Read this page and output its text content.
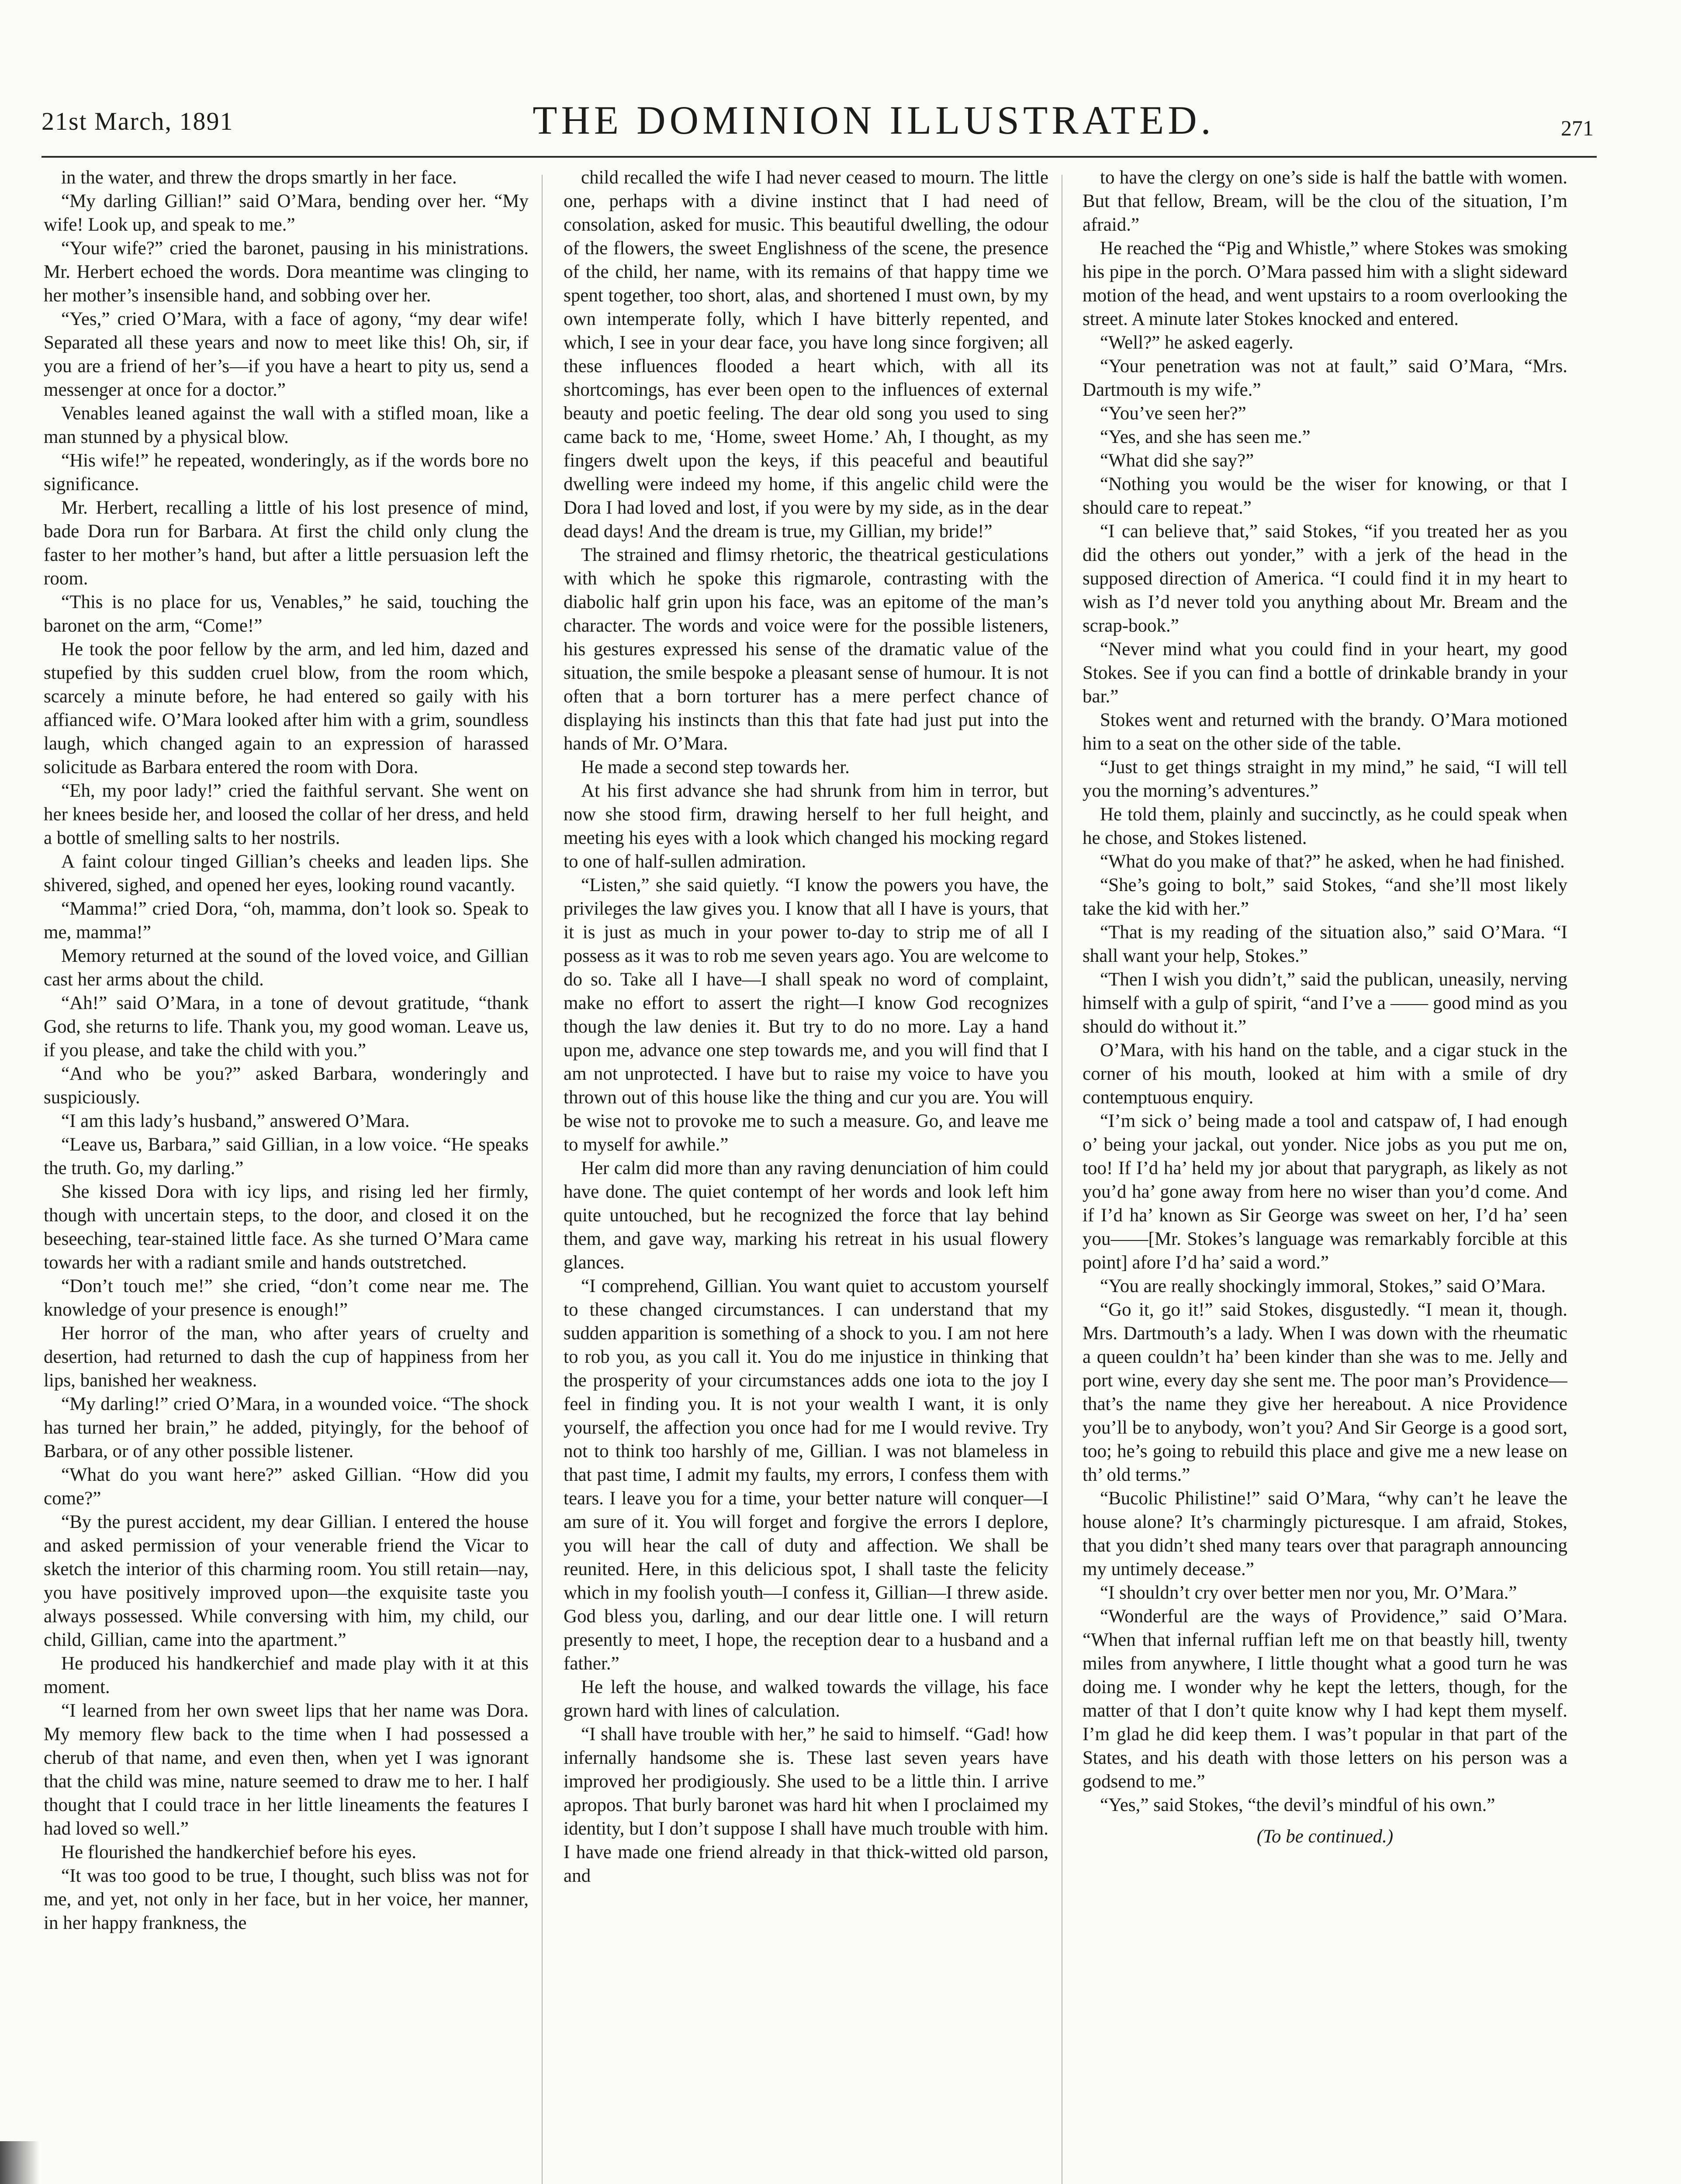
21st March, 1891	THE DOMINION ILLUSTRATED.	271

in the water, and threw the drops smartly in her face.

“My darling Gillian!” said O’Mara, bending over her. “My wife! Look up, and speak to me.”

“Your wife?” cried the baronet, pausing in his ministrations. Mr. Herbert echoed the words. Dora meantime was clinging to her mother’s insensible hand, and sobbing over her.

“Yes,” cried O’Mara, with a face of agony, “my dear wife! Separated all these years and now to meet like this! Oh, sir, if you are a friend of her’s—if you have a heart to pity us, send a messenger at once for a doctor.”

Venables leaned against the wall with a stifled moan, like a man stunned by a physical blow.

“His wife!” he repeated, wonderingly, as if the words bore no significance.

Mr. Herbert, recalling a little of his lost presence of mind, bade Dora run for Barbara. At first the child only clung the faster to her mother’s hand, but after a little persuasion left the room.

“This is no place for us, Venables,” he said, touching the baronet on the arm, “Come!”

He took the poor fellow by the arm, and led him, dazed and stupefied by this sudden cruel blow, from the room which, scarcely a minute before, he had entered so gaily with his affianced wife. O’Mara looked after him with a grim, soundless laugh, which changed again to an expression of harassed solicitude as Barbara entered the room with Dora.

“Eh, my poor lady!” cried the faithful servant. She went on her knees beside her, and loosed the collar of her dress, and held a bottle of smelling salts to her nostrils.

A faint colour tinged Gillian’s cheeks and leaden lips. She shivered, sighed, and opened her eyes, looking round vacantly.

“Mamma!” cried Dora, “oh, mamma, don’t look so. Speak to me, mamma!”

Memory returned at the sound of the loved voice, and Gillian cast her arms about the child.

“Ah!” said O’Mara, in a tone of devout gratitude, “thank God, she returns to life. Thank you, my good woman. Leave us, if you please, and take the child with you.”

“And who be you?” asked Barbara, wonderingly and suspiciously.

“I am this lady’s husband,” answered O’Mara.

“Leave us, Barbara,” said Gillian, in a low voice. “He speaks the truth. Go, my darling.”

She kissed Dora with icy lips, and rising led her firmly, though with uncertain steps, to the door, and closed it on the beseeching, tear-stained little face. As she turned O’Mara came towards her with a radiant smile and hands outstretched.

“Don’t touch me!” she cried, “don’t come near me. The knowledge of your presence is enough!”

Her horror of the man, who after years of cruelty and desertion, had returned to dash the cup of happiness from her lips, banished her weakness.

“My darling!” cried O’Mara, in a wounded voice. “The shock has turned her brain,” he added, pityingly, for the behoof of Barbara, or of any other possible listener.

“What do you want here?” asked Gillian. “How did you come?”

“By the purest accident, my dear Gillian. I entered the house and asked permission of your venerable friend the Vicar to sketch the interior of this charming room. You still retain—nay, you have positively improved upon—the exquisite taste you always possessed. While conversing with him, my child, our child, Gillian, came into the apartment.”

He produced his handkerchief and made play with it at this moment.

“I learned from her own sweet lips that her name was Dora. My memory flew back to the time when I had possessed a cherub of that name, and even then, when yet I was ignorant that the child was mine, nature seemed to draw me to her. I half thought that I could trace in her little lineaments the features I had loved so well.”

He flourished the handkerchief before his eyes.

“It was too good to be true, I thought, such bliss was not for me, and yet, not only in her face, but in her voice, her manner, in her happy frankness, the

child recalled the wife I had never ceased to mourn. The little one, perhaps with a divine instinct that I had need of consolation, asked for music. This beautiful dwelling, the odour of the flowers, the sweet Englishness of the scene, the presence of the child, her name, with its remains of that happy time we spent together, too short, alas, and shortened I must own, by my own intemperate folly, which I have bitterly repented, and which, I see in your dear face, you have long since forgiven; all these influences flooded a heart which, with all its shortcomings, has ever been open to the influences of external beauty and poetic feeling. The dear old song you used to sing came back to me, ‘Home, sweet Home.’ Ah, I thought, as my fingers dwelt upon the keys, if this peaceful and beautiful dwelling were indeed my home, if this angelic child were the Dora I had loved and lost, if you were by my side, as in the dear dead days! And the dream is true, my Gillian, my bride!”

The strained and flimsy rhetoric, the theatrical gesticulations with which he spoke this rigmarole, contrasting with the diabolic half grin upon his face, was an epitome of the man’s character. The words and voice were for the possible listeners, his gestures expressed his sense of the dramatic value of the situation, the smile bespoke a pleasant sense of humour. It is not often that a born torturer has a mere perfect chance of displaying his instincts than this that fate had just put into the hands of Mr. O’Mara.

He made a second step towards her.

At his first advance she had shrunk from him in terror, but now she stood firm, drawing herself to her full height, and meeting his eyes with a look which changed his mocking regard to one of half-sullen admiration.

“Listen,” she said quietly. “I know the powers you have, the privileges the law gives you. I know that all I have is yours, that it is just as much in your power to-day to strip me of all I possess as it was to rob me seven years ago. You are welcome to do so. Take all I have—I shall speak no word of complaint, make no effort to assert the right—I know God recognizes though the law denies it. But try to do no more. Lay a hand upon me, advance one step towards me, and you will find that I am not unprotected. I have but to raise my voice to have you thrown out of this house like the thing and cur you are. You will be wise not to provoke me to such a measure. Go, and leave me to myself for awhile.”

Her calm did more than any raving denunciation of him could have done. The quiet contempt of her words and look left him quite untouched, but he recognized the force that lay behind them, and gave way, marking his retreat in his usual flowery glances.

“I comprehend, Gillian. You want quiet to accustom yourself to these changed circumstances. I can understand that my sudden apparition is something of a shock to you. I am not here to rob you, as you call it. You do me injustice in thinking that the prosperity of your circumstances adds one iota to the joy I feel in finding you. It is not your wealth I want, it is only yourself, the affection you once had for me I would revive. Try not to think too harshly of me, Gillian. I was not blameless in that past time, I admit my faults, my errors, I confess them with tears. I leave you for a time, your better nature will conquer—I am sure of it. You will forget and forgive the errors I deplore, you will hear the call of duty and affection. We shall be reunited. Here, in this delicious spot, I shall taste the felicity which in my foolish youth—I confess it, Gillian—I threw aside. God bless you, darling, and our dear little one. I will return presently to meet, I hope, the reception dear to a husband and a father.”

He left the house, and walked towards the village, his face grown hard with lines of calculation.

“I shall have trouble with her,” he said to himself. “Gad! how infernally handsome she is. These last seven years have improved her prodigiously. She used to be a little thin. I arrive apropos. That burly baronet was hard hit when I proclaimed my identity, but I don’t suppose I shall have much trouble with him. I have made one friend already in that thick-witted old parson, and

to have the clergy on one’s side is half the battle with women. But that fellow, Bream, will be the clou of the situation, I’m afraid.”

He reached the “Pig and Whistle,” where Stokes was smoking his pipe in the porch. O’Mara passed him with a slight sideward motion of the head, and went upstairs to a room overlooking the street. A minute later Stokes knocked and entered.

“Well?” he asked eagerly.

“Your penetration was not at fault,” said O’Mara, “Mrs. Dartmouth is my wife.”

“You’ve seen her?”

“Yes, and she has seen me.”

“What did she say?”

“Nothing you would be the wiser for knowing, or that I should care to repeat.”

“I can believe that,” said Stokes, “if you treated her as you did the others out yonder,” with a jerk of the head in the supposed direction of America. “I could find it in my heart to wish as I’d never told you anything about Mr. Bream and the scrap-book.”

“Never mind what you could find in your heart, my good Stokes. See if you can find a bottle of drinkable brandy in your bar.”

Stokes went and returned with the brandy. O’Mara motioned him to a seat on the other side of the table.

“Just to get things straight in my mind,” he said, “I will tell you the morning’s adventures.”

He told them, plainly and succinctly, as he could speak when he chose, and Stokes listened.

“What do you make of that?” he asked, when he had finished.

“She’s going to bolt,” said Stokes, “and she’ll most likely take the kid with her.”

“That is my reading of the situation also,” said O’Mara. “I shall want your help, Stokes.”

“Then I wish you didn’t,” said the publican, uneasily, nerving himself with a gulp of spirit, “and I’ve a —— good mind as you should do without it.”

O’Mara, with his hand on the table, and a cigar stuck in the corner of his mouth, looked at him with a smile of dry contemptuous enquiry.

“I’m sick o’ being made a tool and catspaw of, I had enough o’ being your jackal, out yonder. Nice jobs as you put me on, too! If I’d ha’ held my jor about that parygraph, as likely as not you’d ha’ gone away from here no wiser than you’d come. And if I’d ha’ known as Sir George was sweet on her, I’d ha’ seen you——[Mr. Stokes’s language was remarkably forcible at this point] afore I’d ha’ said a word.”

“You are really shockingly immoral, Stokes,” said O’Mara.

“Go it, go it!” said Stokes, disgustedly. “I mean it, though. Mrs. Dartmouth’s a lady. When I was down with the rheumatic a queen couldn’t ha’ been kinder than she was to me. Jelly and port wine, every day she sent me. The poor man’s Providence—that’s the name they give her hereabout. A nice Providence you’ll be to anybody, won’t you? And Sir George is a good sort, too; he’s going to rebuild this place and give me a new lease on th’ old terms.”

“Bucolic Philistine!” said O’Mara, “why can’t he leave the house alone? It’s charmingly picturesque. I am afraid, Stokes, that you didn’t shed many tears over that paragraph announcing my untimely decease.”

“I shouldn’t cry over better men nor you, Mr. O’Mara.”

“Wonderful are the ways of Providence,” said O’Mara. “When that infernal ruffian left me on that beastly hill, twenty miles from anywhere, I little thought what a good turn he was doing me. I wonder why he kept the letters, though, for the matter of that I don’t quite know why I had kept them myself. I’m glad he did keep them. I was’t popular in that part of the States, and his death with those letters on his person was a godsend to me.”

“Yes,” said Stokes, “the devil’s mindful of his own.”

(To be continued.)
